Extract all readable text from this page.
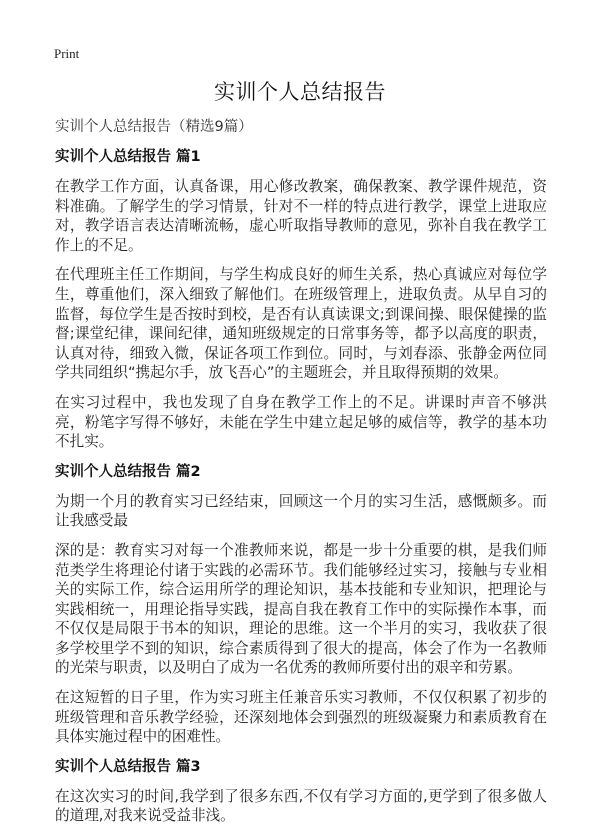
Print
实训个人总结报告

实训个人总结报告（精选9篇）

实训个人总结报告 篇1

在教学工作方面，认真备课，用心修改教案，确保教案、教学课件规范，资料准确。了解学生的学习情景，针对不一样的特点进行教学，课堂上进取应对，教学语言表达清晰流畅，虚心听取指导教师的意见，弥补自我在教学工作上的不足。

在代理班主任工作期间，与学生构成良好的师生关系，热心真诚应对每位学生，尊重他们，深入细致了解他们。在班级管理上，进取负责。从早自习的监督，每位学生是否按时到校，是否有认真读课文;到课间操、眼保健操的监督;课堂纪律，课间纪律，通知班级规定的日常事务等，都予以高度的职责，认真对待，细致入微，保证各项工作到位。同时，与刘春添、张静金两位同学共同组织“携起尔手，放飞吾心”的主题班会，并且取得预期的效果。

在实习过程中，我也发现了自身在教学工作上的不足。讲课时声音不够洪亮，粉笔字写得不够好，未能在学生中建立起足够的威信等，教学的基本功不扎实。

实训个人总结报告 篇2

为期一个月的教育实习已经结束，回顾这一个月的实习生活，感慨颇多。而让我感受最

深的是：教育实习对每一个准教师来说，都是一步十分重要的棋，是我们师范类学生将理论付诸于实践的必需环节。我们能够经过实习，接触与专业相关的实际工作，综合运用所学的理论知识，基本技能和专业知识，把理论与实践相统一，用理论指导实践，提高自我在教育工作中的实际操作本事，而不仅仅是局限于书本的知识，理论的思维。这一个半月的实习，我收获了很多学校里学不到的知识，综合素质得到了很大的提高，体会了作为一名教师的光荣与职责，以及明白了成为一名优秀的教师所要付出的艰辛和劳累。

在这短暂的日子里，作为实习班主任兼音乐实习教师，不仅仅积累了初步的班级管理和音乐教学经验，还深刻地体会到强烈的班级凝聚力和素质教育在具体实施过程中的困难性。

实训个人总结报告 篇3

在这次实习的时间,我学到了很多东西,不仅有学习方面的,更学到了很多做人的道理,对我来说受益非浅。
